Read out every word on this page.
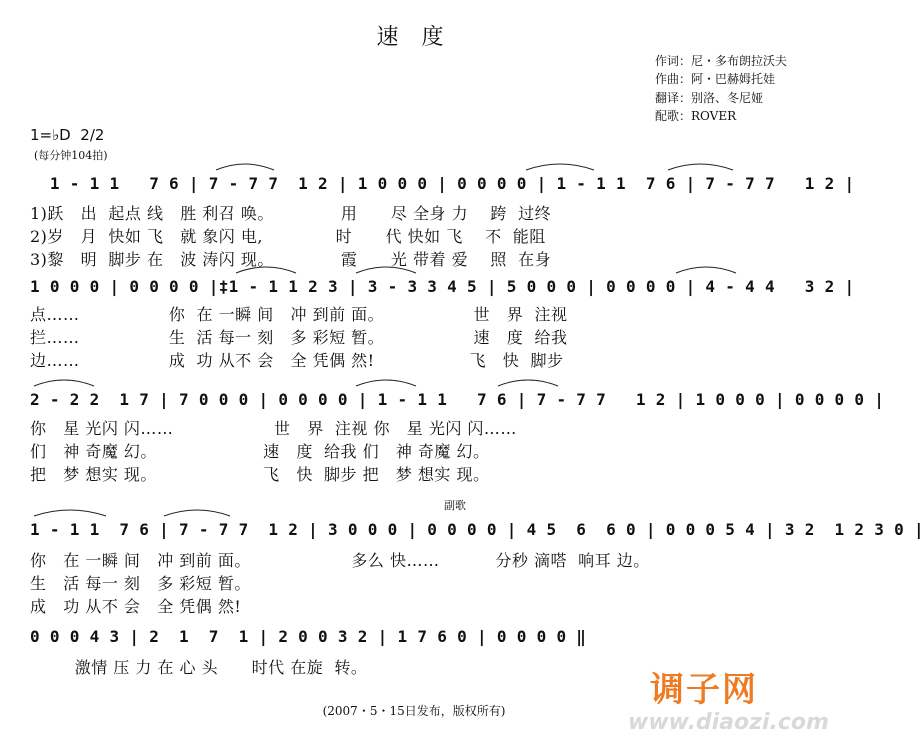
速 度
作词：尼・多布朗拉沃夫
作曲：阿・巴赫姆托娃
翻译：别洛、冬尼娅
配歌：ROVER
1=♭D  2/2
(每分钟104拍)
1 - 1 1   7 6 | 7 - 7 7  1 2 | 1 0 0 0 | 0 0 0 0 | 1 - 1 1  7 6 | 7 - 7 7   1 2 |
1)跃   出  起点 线   胜 利召 唤。            用      尽 全身 力    跨  过终
2)岁   月  快如 飞   就 象闪 电,             时      代 快如 飞    不  能阻
3)黎   明  脚步 在   波 涛闪 现。            霞      光 带着 爱    照  在身
1 0 0 0 | 0 0 0 0 |‡1 - 1 1 2 3 | 3 - 3 3 4 5 | 5 0 0 0 | 0 0 0 0 | 4 - 4 4   3 2 |
点……                你  在 一瞬 间   冲 到前 面。                世   界  注视
拦……                生  活 每一 刻   多 彩短 暂。                速   度  给我
边……                成  功 从不 会   全 凭偶 然!                 飞   快  脚步
2 - 2 2  1 7 | 7 0 0 0 | 0 0 0 0 | 1 - 1 1   7 6 | 7 - 7 7   1 2 | 1 0 0 0 | 0 0 0 0 |
你   星 光闪 闪……                  世   界  注视 你   星 光闪 闪……
们   神 奇魔 幻。                   速   度  给我 们   神 奇魔 幻。
把   梦 想实 现。                   飞   快  脚步 把   梦 想实 现。
副歌
1 - 1 1  7 6 | 7 - 7 7  1 2 | 3 0 0 0 | 0 0 0 0 | 4 5  6  6 0 | 0 0 0 5 4 | 3 2  1 2 3 0 |
你   在 一瞬 间   冲 到前 面。                  多么 快……          分秒 滴嗒  响耳 边。
生   活 每一 刻   多 彩短 暂。
成   功 从不 会   全 凭偶 然!
0 0 0 4 3 | 2  1  7  1 | 2 0 0 3 2 | 1 7 6 0 | 0 0 0 0 ‖
激情 压 力 在 心 头      时代 在旋  转。
(2007・5・15日发布，版权所有)
调子网
www.diaozi.com
